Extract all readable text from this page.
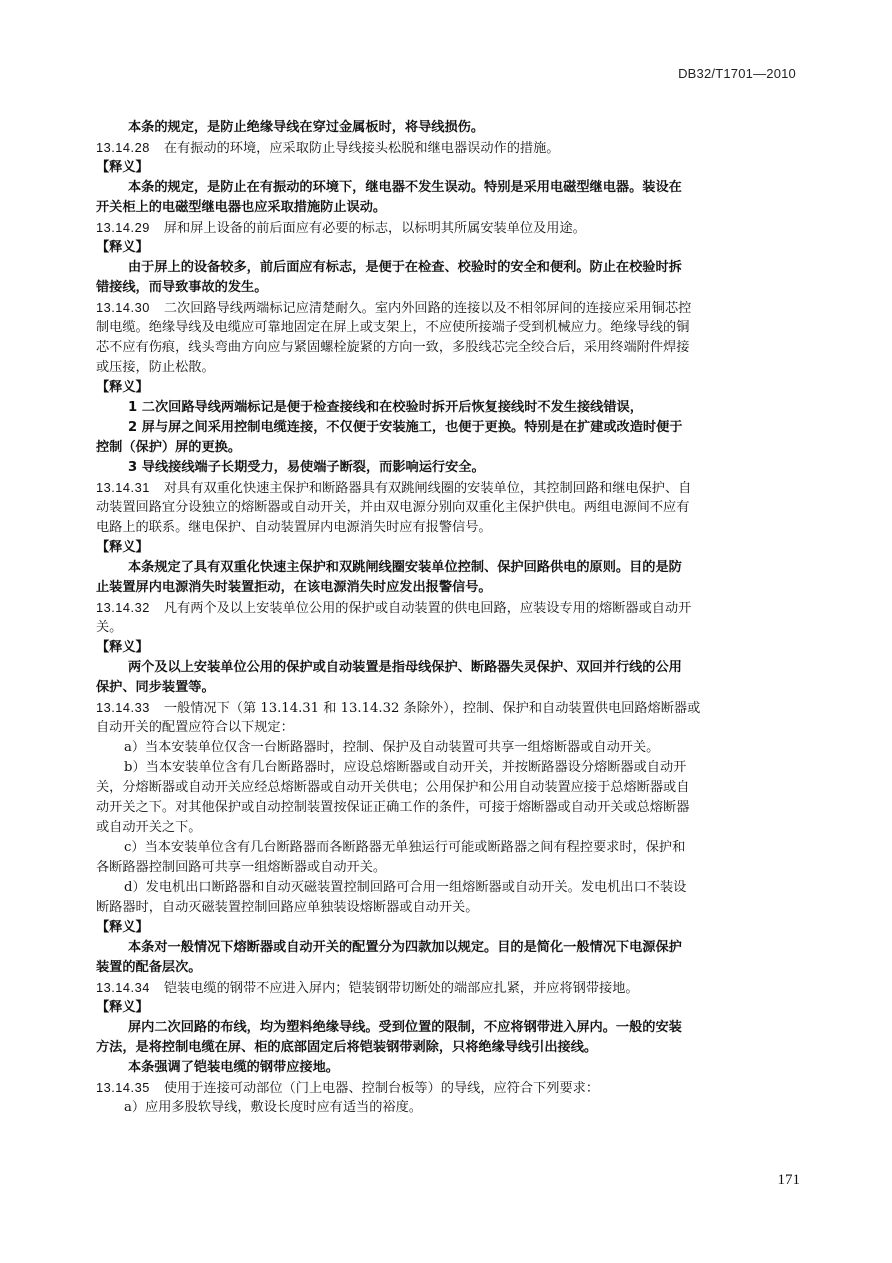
DB32/T1701—2010
本条的规定，是防止绝缘导线在穿过金属板时，将导线损伤。
13.14.28 在有振动的环境，应采取防止导线接头松脱和继电器误动作的措施。
【释义】
本条的规定，是防止在有振动的环境下，继电器不发生误动。特别是采用电磁型继电器。装设在
开关柜上的电磁型继电器也应采取措施防止误动。
13.14.29 屏和屏上设备的前后面应有必要的标志，以标明其所属安装单位及用途。
【释义】
由于屏上的设备较多，前后面应有标志，是便于在检查、校验时的安全和便利。防止在校验时拆
错接线，而导致事故的发生。
13.14.30 二次回路导线两端标记应清楚耐久。室内外回路的连接以及不相邻屏间的连接应采用铜芯控
制电缆。绝缘导线及电缆应可靠地固定在屏上或支架上，不应使所接端子受到机械应力。绝缘导线的铜
芯不应有伤痕，线头弯曲方向应与紧固螺栓旋紧的方向一致，多股线芯完全绞合后，采用终端附件焊接
或压接，防止松散。
【释义】
1 二次回路导线两端标记是便于检查接线和在校验时拆开后恢复接线时不发生接线错误，
2 屏与屏之间采用控制电缆连接，不仅便于安装施工，也便于更换。特别是在扩建或改造时便于
控制（保护）屏的更换。
3 导线接线端子长期受力，易使端子断裂，而影响运行安全。
13.14.31 对具有双重化快速主保护和断路器具有双跳闸线圈的安装单位，其控制回路和继电保护、自
动装置回路宜分设独立的熔断器或自动开关，并由双电源分别向双重化主保护供电。两组电源间不应有
电路上的联系。继电保护、自动装置屏内电源消失时应有报警信号。
【释义】
本条规定了具有双重化快速主保护和双跳闸线圈安装单位控制、保护回路供电的原则。目的是防
止装置屏内电源消失时装置拒动，在该电源消失时应发出报警信号。
13.14.32 凡有两个及以上安装单位公用的保护或自动装置的供电回路，应装设专用的熔断器或自动开
关。
【释义】
两个及以上安装单位公用的保护或自动装置是指母线保护、断路器失灵保护、双回并行线的公用
保护、同步装置等。
13.14.33 一般情况下（第 13.14.31 和 13.14.32 条除外），控制、保护和自动装置供电回路熔断器或
自动开关的配置应符合以下规定：
a）当本安装单位仅含一台断路器时，控制、保护及自动装置可共享一组熔断器或自动开关。
b）当本安装单位含有几台断路器时，应设总熔断器或自动开关，并按断路器设分熔断器或自动开
关，分熔断器或自动开关应经总熔断器或自动开关供电；公用保护和公用自动装置应接于总熔断器或自
动开关之下。对其他保护或自动控制装置按保证正确工作的条件，可接于熔断器或自动开关或总熔断器
或自动开关之下。
c）当本安装单位含有几台断路器而各断路器无单独运行可能或断路器之间有程控要求时，保护和
各断路器控制回路可共享一组熔断器或自动开关。
d）发电机出口断路器和自动灭磁装置控制回路可合用一组熔断器或自动开关。发电机出口不装设
断路器时，自动灭磁装置控制回路应单独装设熔断器或自动开关。
【释义】
本条对一般情况下熔断器或自动开关的配置分为四款加以规定。目的是简化一般情况下电源保护
装置的配备层次。
13.14.34 铠装电缆的钢带不应进入屏内；铠装钢带切断处的端部应扎紧，并应将钢带接地。
【释义】
屏内二次回路的布线，均为塑料绝缘导线。受到位置的限制，不应将钢带进入屏内。一般的安装
方法，是将控制电缆在屏、柜的底部固定后将铠装钢带剥除，只将绝缘导线引出接线。
本条强调了铠装电缆的钢带应接地。
13.14.35 使用于连接可动部位（门上电器、控制台板等）的导线，应符合下列要求：
a）应用多股软导线，敷设长度时应有适当的裕度。
171
